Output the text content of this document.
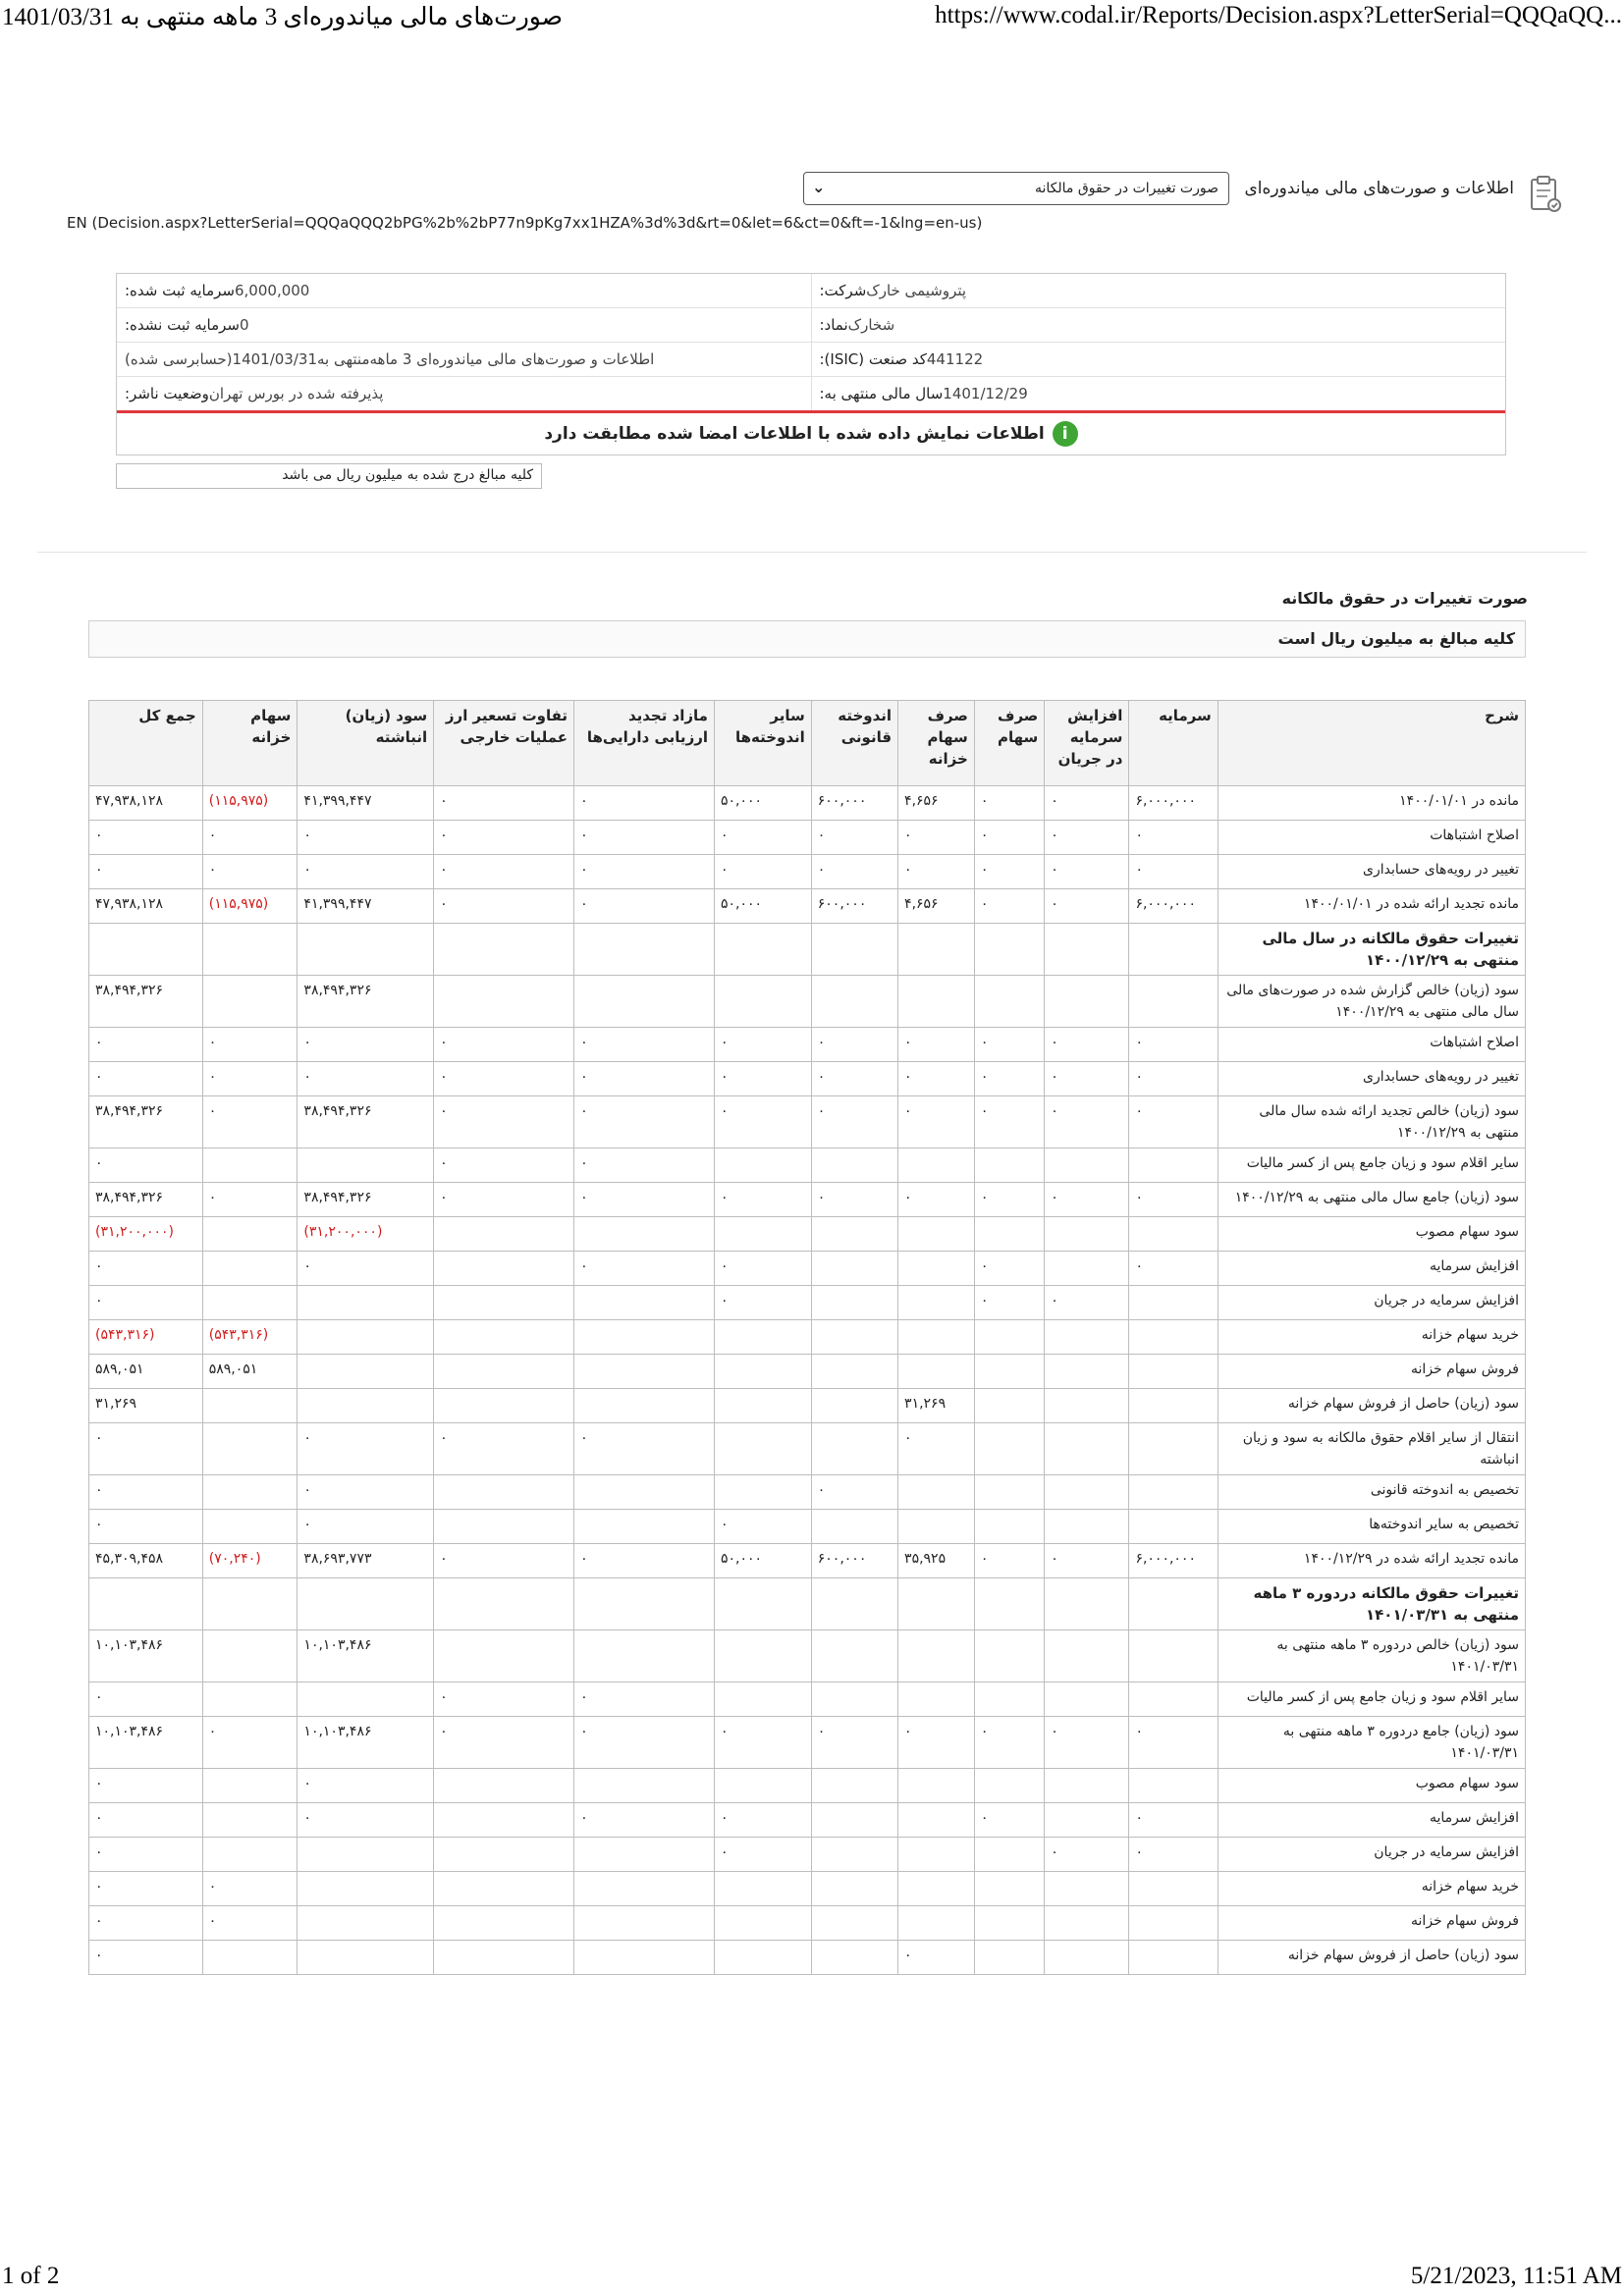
صورت‌های مالی میاندوره‌ای 3 ماهه منتهی به 1401/03/31	https://www.codal.ir/Reports/Decision.aspx?LetterSerial=QQQaQQ...
اطلاعات و صورت‌های مالی میاندوره‌ای
صورت تغییرات در حقوق مالکانه
⌄
EN (Decision.aspx?LetterSerial=QQQaQQQ2bPG%2b%2bP77n9pKg7xx1HZA%3d%3d&rt=0&let=6&ct=0&ft=-1&lng=en-us)
شرکت: پتروشیمی خارک
سرمایه ثبت شده: 6,000,000
نماد: شخارک
سرمایه ثبت نشده: 0
کد صنعت (ISIC): 441122
اطلاعات و صورت‌های مالی میاندوره‌ای 3 ماهه‌منتهی به1401/03/31(حسابرسی شده)
سال مالی منتهی به: 1401/12/29
وضعیت ناشر: پذیرفته شده در بورس تهران
i
اطلاعات نمایش داده شده با اطلاعات امضا شده مطابقت دارد
کلیه مبالغ درج شده به میلیون ریال می باشد
صورت تغییرات در حقوق مالکانه
کلیه مبالغ به میلیون ریال است
شرح	سرمایه	افزایش سرمایه در جریان	صرف سهام	صرف سهام خزانه	اندوخته قانونی	سایر اندوخته‌ها	مازاد تجدید ارزیابی دارایی‌ها	تفاوت تسعیر ارز عملیات خارجی	سود (زیان) انباشته	سهام خزانه	جمع کل
مانده در ۱۴۰۰/۰۱/۰۱	۶,۰۰۰,۰۰۰	۰	۰	۴,۶۵۶	۶۰۰,۰۰۰	۵۰,۰۰۰	۰	۰	۴۱,۳۹۹,۴۴۷	(۱۱۵,۹۷۵)	۴۷,۹۳۸,۱۲۸
اصلاح اشتباهات	۰	۰	۰	۰	۰	۰	۰	۰	۰	۰	۰
تغییر در رویه‌های حسابداری	۰	۰	۰	۰	۰	۰	۰	۰	۰	۰	۰
مانده تجدید ارائه شده در ۱۴۰۰/۰۱/۰۱	۶,۰۰۰,۰۰۰	۰	۰	۴,۶۵۶	۶۰۰,۰۰۰	۵۰,۰۰۰	۰	۰	۴۱,۳۹۹,۴۴۷	(۱۱۵,۹۷۵)	۴۷,۹۳۸,۱۲۸
تغییرات حقوق مالکانه در سال مالی منتهی به ۱۴۰۰/۱۲/۲۹											
سود (زیان) خالص گزارش شده در صورت‌های مالی سال مالی منتهی به ۱۴۰۰/۱۲/۲۹									۳۸,۴۹۴,۳۲۶		۳۸,۴۹۴,۳۲۶
اصلاح اشتباهات	۰	۰	۰	۰	۰	۰	۰	۰	۰	۰	۰
تغییر در رویه‌های حسابداری	۰	۰	۰	۰	۰	۰	۰	۰	۰	۰	۰
سود (زیان) خالص تجدید ارائه شده سال مالی منتهی به ۱۴۰۰/۱۲/۲۹	۰	۰	۰	۰	۰	۰	۰	۰	۳۸,۴۹۴,۳۲۶	۰	۳۸,۴۹۴,۳۲۶
سایر اقلام سود و زیان جامع پس از کسر مالیات							۰	۰			۰
سود (زیان) جامع سال مالی منتهی به ۱۴۰۰/۱۲/۲۹	۰	۰	۰	۰	۰	۰	۰	۰	۳۸,۴۹۴,۳۲۶	۰	۳۸,۴۹۴,۳۲۶
سود سهام مصوب									(۳۱,۲۰۰,۰۰۰)		(۳۱,۲۰۰,۰۰۰)
افزایش سرمایه	۰		۰			۰	۰		۰		۰
افزایش سرمایه در جریان		۰	۰			۰					۰
خرید سهام خزانه										(۵۴۳,۳۱۶)	(۵۴۳,۳۱۶)
فروش سهام خزانه										۵۸۹,۰۵۱	۵۸۹,۰۵۱
سود (زیان) حاصل از فروش سهام خزانه				۳۱,۲۶۹							۳۱,۲۶۹
انتقال از سایر اقلام حقوق مالکانه به سود و زیان انباشته				۰			۰	۰	۰		۰
تخصیص به اندوخته قانونی					۰				۰		۰
تخصیص به سایر اندوخته‌ها						۰			۰		۰
مانده تجدید ارائه شده در ۱۴۰۰/۱۲/۲۹	۶,۰۰۰,۰۰۰	۰	۰	۳۵,۹۲۵	۶۰۰,۰۰۰	۵۰,۰۰۰	۰	۰	۳۸,۶۹۳,۷۷۳	(۷۰,۲۴۰)	۴۵,۳۰۹,۴۵۸
تغییرات حقوق مالکانه دردوره ۳ ماهه منتهی به ۱۴۰۱/۰۳/۳۱											
سود (زیان) خالص دردوره ۳ ماهه منتهی به ۱۴۰۱/۰۳/۳۱									۱۰,۱۰۳,۴۸۶		۱۰,۱۰۳,۴۸۶
سایر اقلام سود و زیان جامع پس از کسر مالیات							۰	۰			۰
سود (زیان) جامع دردوره ۳ ماهه منتهی به ۱۴۰۱/۰۳/۳۱	۰	۰	۰	۰	۰	۰	۰	۰	۱۰,۱۰۳,۴۸۶	۰	۱۰,۱۰۳,۴۸۶
سود سهام مصوب									۰		۰
افزایش سرمایه	۰		۰			۰	۰		۰		۰
افزایش سرمایه در جریان	۰	۰				۰					۰
خرید سهام خزانه										۰	۰
فروش سهام خزانه										۰	۰
سود (زیان) حاصل از فروش سهام خزانه				۰							۰
1 of 2	5/21/2023, 11:51 AM
